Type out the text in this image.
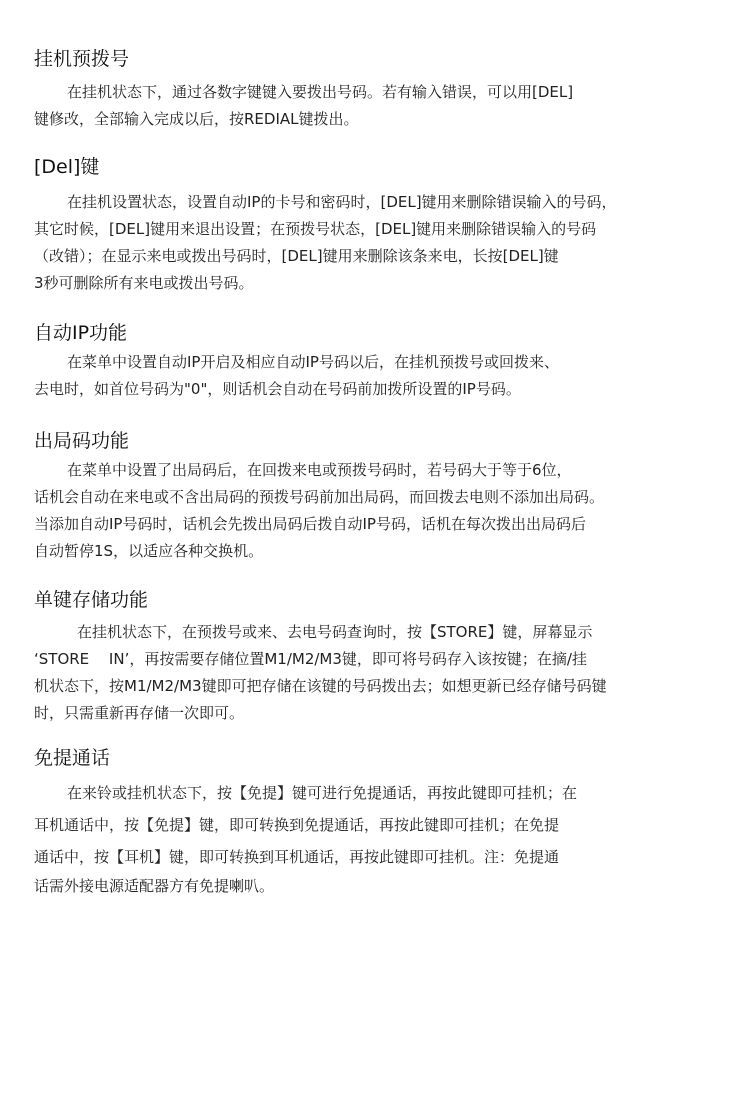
挂机预拨号

在挂机状态下，通过各数字键键入要拨出号码。若有输入错误，可以用[DEL]
键修改，全部输入完成以后，按REDIAL键拨出。

[Del]键

在挂机设置状态，设置自动IP的卡号和密码时，[DEL]键用来删除错误输入的号码，
其它时候，[DEL]键用来退出设置；在预拨号状态，[DEL]键用来删除错误输入的号码
（改错）；在显示来电或拨出号码时，[DEL]键用来删除该条来电，长按[DEL]键
3秒可删除所有来电或拨出号码。

自动IP功能

在菜单中设置自动IP开启及相应自动IP号码以后，在挂机预拨号或回拨来、
去电时，如首位号码为"0"，则话机会自动在号码前加拨所设置的IP号码。

出局码功能

在菜单中设置了出局码后，在回拨来电或预拨号码时，若号码大于等于6位，
话机会自动在来电或不含出局码的预拨号码前加出局码，而回拨去电则不添加出局码。
当添加自动IP号码时，话机会先拨出局码后拨自动IP号码，话机在每次拨出出局码后
自动暂停1S，以适应各种交换机。

单键存储功能

在挂机状态下，在预拨号或来、去电号码查询时，按【STORE】键，屏幕显示
‘STORE　 IN’，再按需要存储位置M1/M2/M3键，即可将号码存入该按键；在摘/挂
机状态下，按M1/M2/M3键即可把存储在该键的号码拨出去；如想更新已经存储号码键
时，只需重新再存储一次即可。

免提通话

在来铃或挂机状态下，按【免提】键可进行免提通话，再按此键即可挂机；在
耳机通话中，按【免提】键，即可转换到免提通话，再按此键即可挂机；在免提
通话中，按【耳机】键，即可转换到耳机通话，再按此键即可挂机。注：免提通
话需外接电源适配器方有免提喇叭。
